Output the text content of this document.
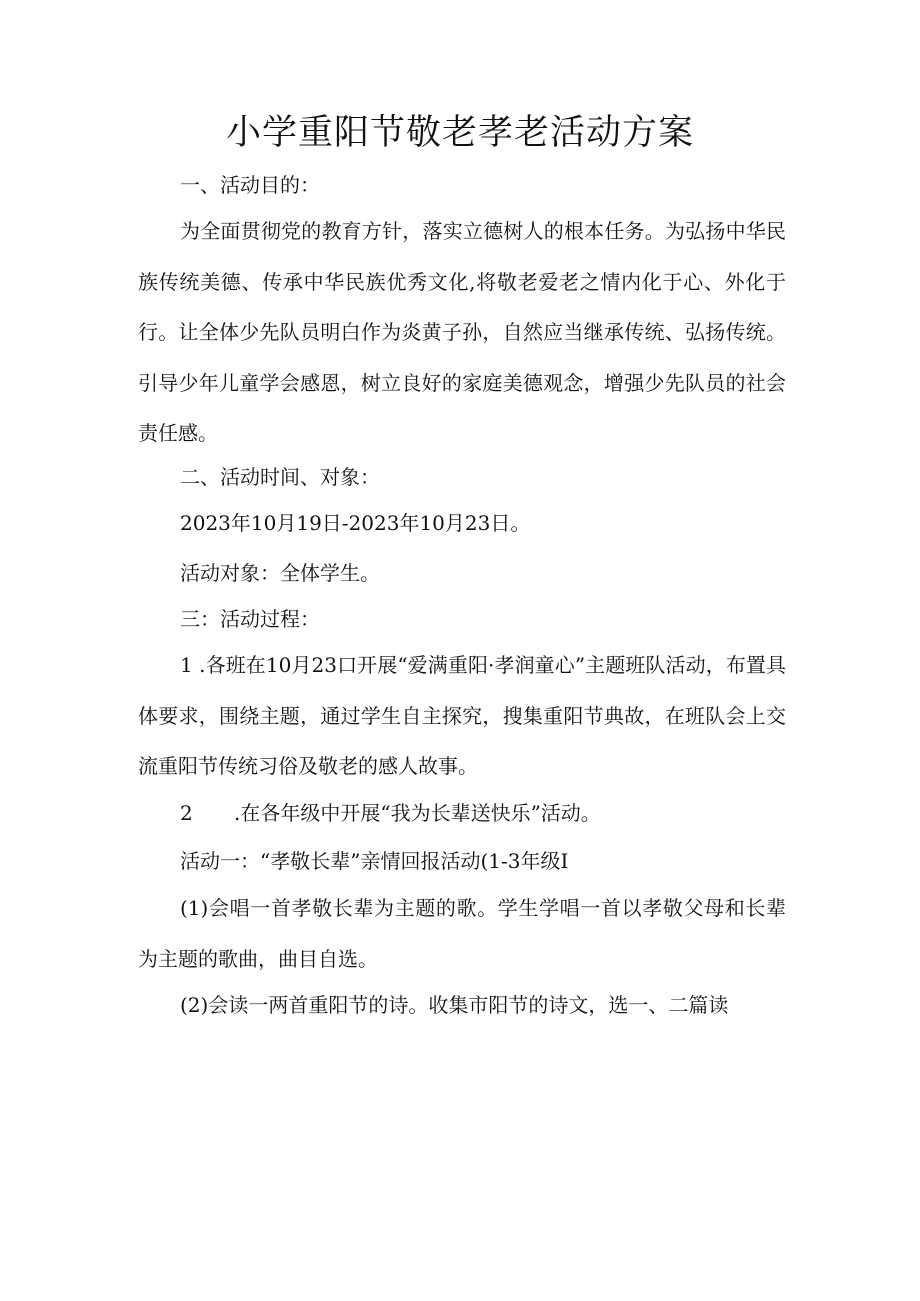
小学重阳节敬老孝老活动方案
一、活动目的：
为全面贯彻党的教育方针，落实立德树人的根本任务。为弘扬中华民族传统美德、传承中华民族优秀文化,将敬老爱老之情内化于心、外化于行。让全体少先队员明白作为炎黄子孙，自然应当继承传统、弘扬传统。引导少年儿童学会感恩，树立良好的家庭美德观念，增强少先队员的社会责任感。
二、活动时间、对象：
2023年10月19日-2023年10月23日。
活动对象：全体学生。
三：活动过程：
1 .各班在10月23口开展“爱满重阳·孝润童心”主题班队活动，布置具体要求，围绕主题，通过学生自主探究，搜集重阳节典故，在班队会上交流重阳节传统习俗及敬老的感人故事。
2 .在各年级中开展“我为长辈送快乐”活动。
活动一：“孝敬长辈”亲情回报活动(1-3年级I
(1)会唱一首孝敬长辈为主题的歌。学生学唱一首以孝敬父母和长辈为主题的歌曲，曲目自选。
(2)会读一两首重阳节的诗。收集市阳节的诗文，选一、二篇读
